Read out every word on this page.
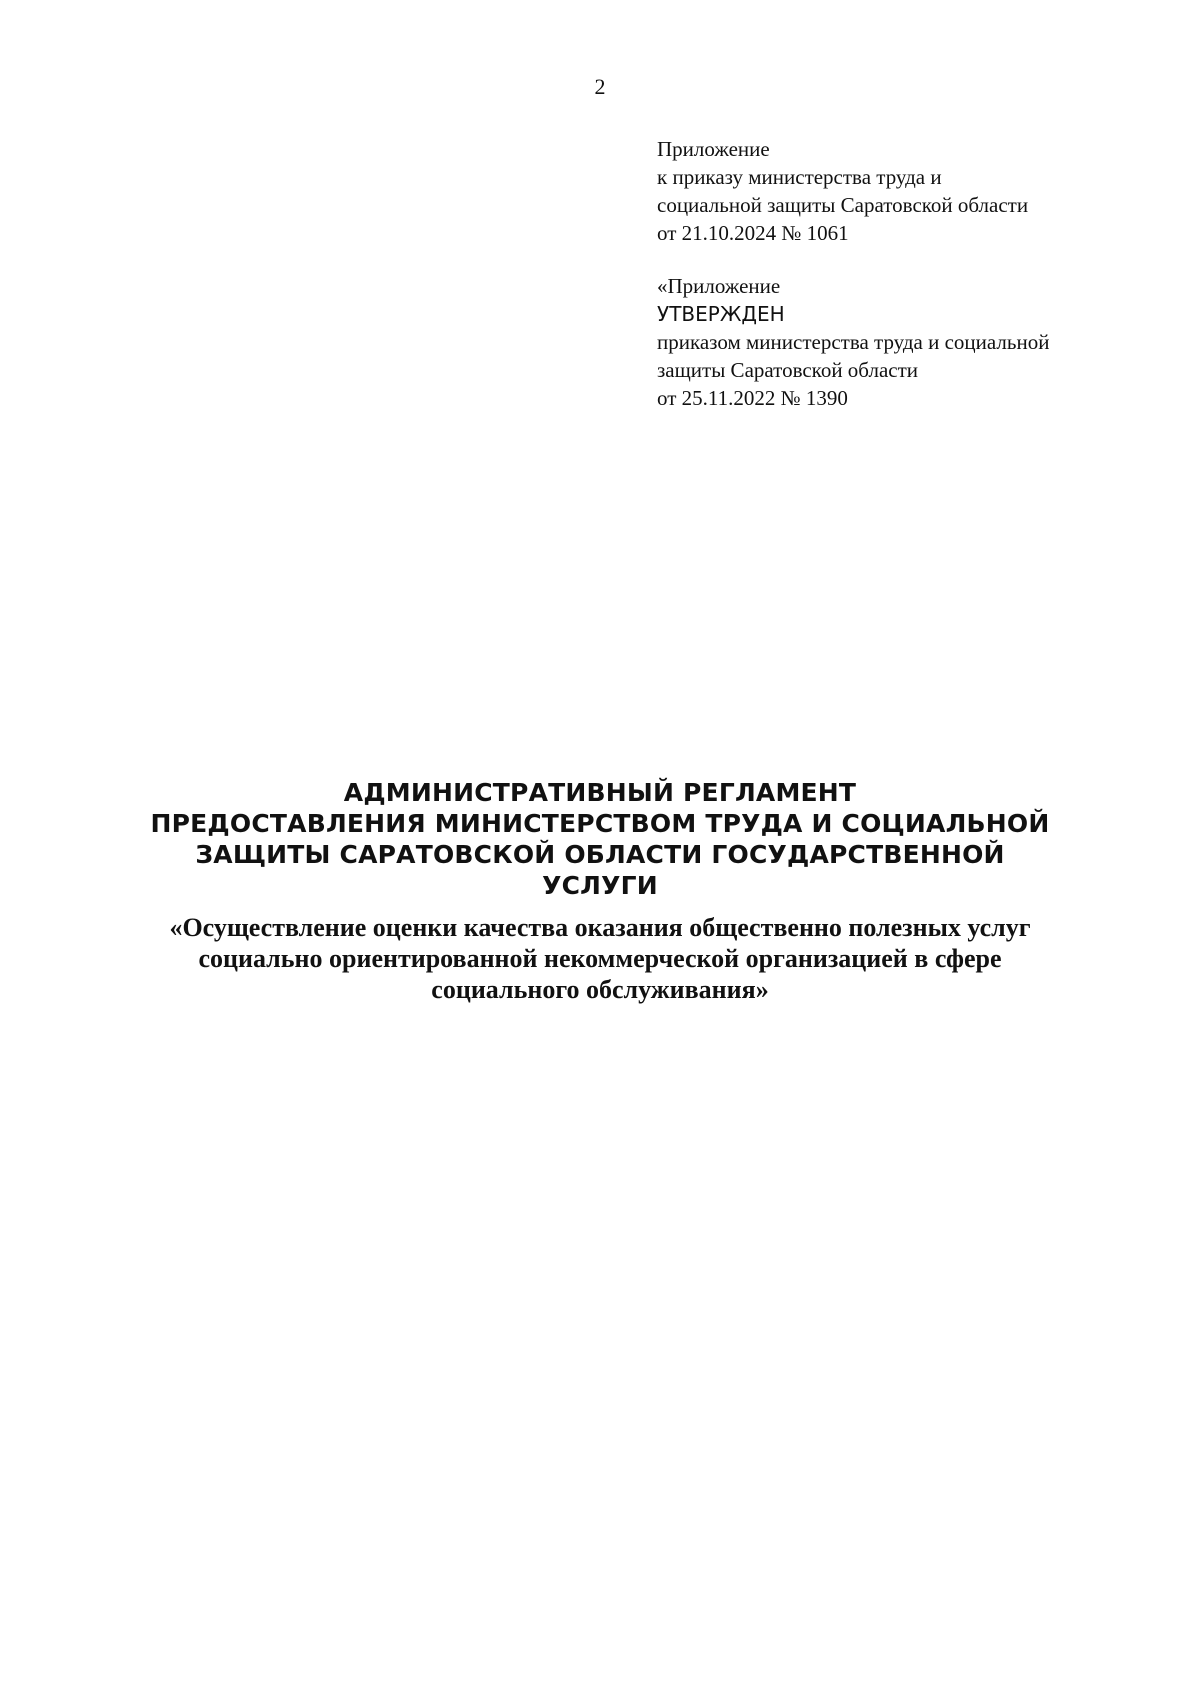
2
Приложение
к приказу министерства труда и
социальной защиты Саратовской области
от 21.10.2024 № 1061
«Приложение
УТВЕРЖДЕН
приказом министерства труда и социальной
защиты Саратовской области
от 25.11.2022 № 1390
АДМИНИСТРАТИВНЫЙ РЕГЛАМЕНТ
ПРЕДОСТАВЛЕНИЯ МИНИСТЕРСТВОМ ТРУДА И СОЦИАЛЬНОЙ
ЗАЩИТЫ САРАТОВСКОЙ ОБЛАСТИ ГОСУДАРСТВЕННОЙ
УСЛУГИ
«Осуществление оценки качества оказания общественно полезных услуг
социально ориентированной некоммерческой организацией в сфере
социального обслуживания»
